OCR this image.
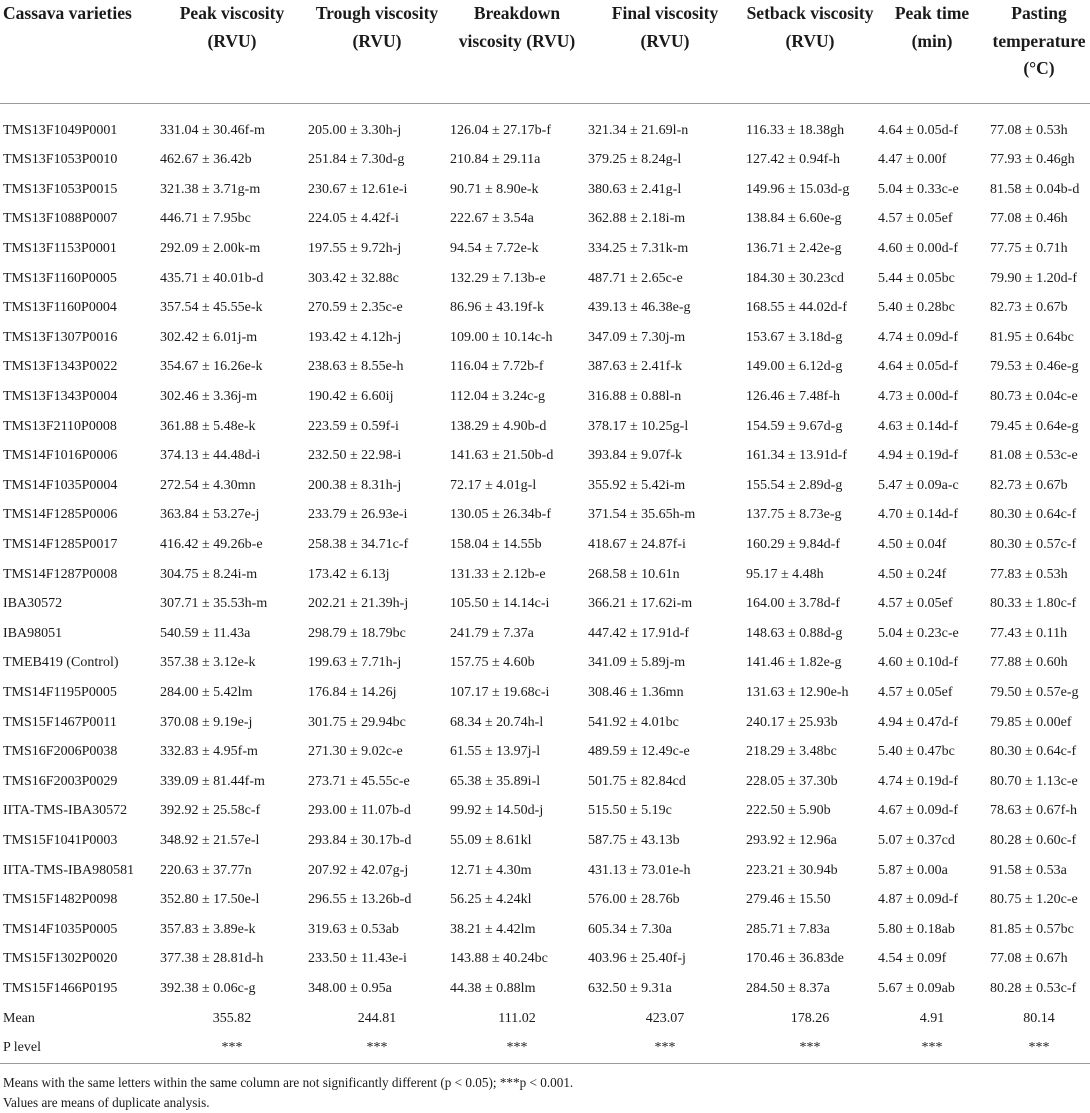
Cassava varieties	Peak viscosity (RVU)	Trough viscosity (RVU)	Breakdown viscosity (RVU)	Final viscosity (RVU)	Setback viscosity (RVU)	Peak time (min)	Pasting temperature (°C)
TMS13F1049P0001	331.04 ± 30.46f-m	205.00 ± 3.30h-j	126.04 ± 27.17b-f	321.34 ± 21.69l-n	116.33 ± 18.38gh	4.64 ± 0.05d-f	77.08 ± 0.53h
TMS13F1053P0010	462.67 ± 36.42b	251.84 ± 7.30d-g	210.84 ± 29.11a	379.25 ± 8.24g-l	127.42 ± 0.94f-h	4.47 ± 0.00f	77.93 ± 0.46gh
TMS13F1053P0015	321.38 ± 3.71g-m	230.67 ± 12.61e-i	90.71 ± 8.90e-k	380.63 ± 2.41g-l	149.96 ± 15.03d-g	5.04 ± 0.33c-e	81.58 ± 0.04b-d
TMS13F1088P0007	446.71 ± 7.95bc	224.05 ± 4.42f-i	222.67 ± 3.54a	362.88 ± 2.18i-m	138.84 ± 6.60e-g	4.57 ± 0.05ef	77.08 ± 0.46h
TMS13F1153P0001	292.09 ± 2.00k-m	197.55 ± 9.72h-j	94.54 ± 7.72e-k	334.25 ± 7.31k-m	136.71 ± 2.42e-g	4.60 ± 0.00d-f	77.75 ± 0.71h
TMS13F1160P0005	435.71 ± 40.01b-d	303.42 ± 32.88c	132.29 ± 7.13b-e	487.71 ± 2.65c-e	184.30 ± 30.23cd	5.44 ± 0.05bc	79.90 ± 1.20d-f
TMS13F1160P0004	357.54 ± 45.55e-k	270.59 ± 2.35c-e	86.96 ± 43.19f-k	439.13 ± 46.38e-g	168.55 ± 44.02d-f	5.40 ± 0.28bc	82.73 ± 0.67b
TMS13F1307P0016	302.42 ± 6.01j-m	193.42 ± 4.12h-j	109.00 ± 10.14c-h	347.09 ± 7.30j-m	153.67 ± 3.18d-g	4.74 ± 0.09d-f	81.95 ± 0.64bc
TMS13F1343P0022	354.67 ± 16.26e-k	238.63 ± 8.55e-h	116.04 ± 7.72b-f	387.63 ± 2.41f-k	149.00 ± 6.12d-g	4.64 ± 0.05d-f	79.53 ± 0.46e-g
TMS13F1343P0004	302.46 ± 3.36j-m	190.42 ± 6.60ij	112.04 ± 3.24c-g	316.88 ± 0.88l-n	126.46 ± 7.48f-h	4.73 ± 0.00d-f	80.73 ± 0.04c-e
TMS13F2110P0008	361.88 ± 5.48e-k	223.59 ± 0.59f-i	138.29 ± 4.90b-d	378.17 ± 10.25g-l	154.59 ± 9.67d-g	4.63 ± 0.14d-f	79.45 ± 0.64e-g
TMS14F1016P0006	374.13 ± 44.48d-i	232.50 ± 22.98-i	141.63 ± 21.50b-d	393.84 ± 9.07f-k	161.34 ± 13.91d-f	4.94 ± 0.19d-f	81.08 ± 0.53c-e
TMS14F1035P0004	272.54 ± 4.30mn	200.38 ± 8.31h-j	72.17 ± 4.01g-l	355.92 ± 5.42i-m	155.54 ± 2.89d-g	5.47 ± 0.09a-c	82.73 ± 0.67b
TMS14F1285P0006	363.84 ± 53.27e-j	233.79 ± 26.93e-i	130.05 ± 26.34b-f	371.54 ± 35.65h-m	137.75 ± 8.73e-g	4.70 ± 0.14d-f	80.30 ± 0.64c-f
TMS14F1285P0017	416.42 ± 49.26b-e	258.38 ± 34.71c-f	158.04 ± 14.55b	418.67 ± 24.87f-i	160.29 ± 9.84d-f	4.50 ± 0.04f	80.30 ± 0.57c-f
TMS14F1287P0008	304.75 ± 8.24i-m	173.42 ± 6.13j	131.33 ± 2.12b-e	268.58 ± 10.61n	95.17 ± 4.48h	4.50 ± 0.24f	77.83 ± 0.53h
IBA30572	307.71 ± 35.53h-m	202.21 ± 21.39h-j	105.50 ± 14.14c-i	366.21 ± 17.62i-m	164.00 ± 3.78d-f	4.57 ± 0.05ef	80.33 ± 1.80c-f
IBA98051	540.59 ± 11.43a	298.79 ± 18.79bc	241.79 ± 7.37a	447.42 ± 17.91d-f	148.63 ± 0.88d-g	5.04 ± 0.23c-e	77.43 ± 0.11h
TMEB419 (Control)	357.38 ± 3.12e-k	199.63 ± 7.71h-j	157.75 ± 4.60b	341.09 ± 5.89j-m	141.46 ± 1.82e-g	4.60 ± 0.10d-f	77.88 ± 0.60h
TMS14F1195P0005	284.00 ± 5.42lm	176.84 ± 14.26j	107.17 ± 19.68c-i	308.46 ± 1.36mn	131.63 ± 12.90e-h	4.57 ± 0.05ef	79.50 ± 0.57e-g
TMS15F1467P0011	370.08 ± 9.19e-j	301.75 ± 29.94bc	68.34 ± 20.74h-l	541.92 ± 4.01bc	240.17 ± 25.93b	4.94 ± 0.47d-f	79.85 ± 0.00ef
TMS16F2006P0038	332.83 ± 4.95f-m	271.30 ± 9.02c-e	61.55 ± 13.97j-l	489.59 ± 12.49c-e	218.29 ± 3.48bc	5.40 ± 0.47bc	80.30 ± 0.64c-f
TMS16F2003P0029	339.09 ± 81.44f-m	273.71 ± 45.55c-e	65.38 ± 35.89i-l	501.75 ± 82.84cd	228.05 ± 37.30b	4.74 ± 0.19d-f	80.70 ± 1.13c-e
IITA-TMS-IBA30572	392.92 ± 25.58c-f	293.00 ± 11.07b-d	99.92 ± 14.50d-j	515.50 ± 5.19c	222.50 ± 5.90b	4.67 ± 0.09d-f	78.63 ± 0.67f-h
TMS15F1041P0003	348.92 ± 21.57e-l	293.84 ± 30.17b-d	55.09 ± 8.61kl	587.75 ± 43.13b	293.92 ± 12.96a	5.07 ± 0.37cd	80.28 ± 0.60c-f
IITA-TMS-IBA980581	220.63 ± 37.77n	207.92 ± 42.07g-j	12.71 ± 4.30m	431.13 ± 73.01e-h	223.21 ± 30.94b	5.87 ± 0.00a	91.58 ± 0.53a
TMS15F1482P0098	352.80 ± 17.50e-l	296.55 ± 13.26b-d	56.25 ± 4.24kl	576.00 ± 28.76b	279.46 ± 15.50	4.87 ± 0.09d-f	80.75 ± 1.20c-e
TMS14F1035P0005	357.83 ± 3.89e-k	319.63 ± 0.53ab	38.21 ± 4.42lm	605.34 ± 7.30a	285.71 ± 7.83a	5.80 ± 0.18ab	81.85 ± 0.57bc
TMS15F1302P0020	377.38 ± 28.81d-h	233.50 ± 11.43e-i	143.88 ± 40.24bc	403.96 ± 25.40f-j	170.46 ± 36.83de	4.54 ± 0.09f	77.08 ± 0.67h
TMS15F1466P0195	392.38 ± 0.06c-g	348.00 ± 0.95a	44.38 ± 0.88lm	632.50 ± 9.31a	284.50 ± 8.37a	5.67 ± 0.09ab	80.28 ± 0.53c-f
Mean	355.82	244.81	111.02	423.07	178.26	4.91	80.14
P level	***	***	***	***	***	***	***
Means with the same letters within the same column are not significantly different (p < 0.05); ***p < 0.001.
Values are means of duplicate analysis.
